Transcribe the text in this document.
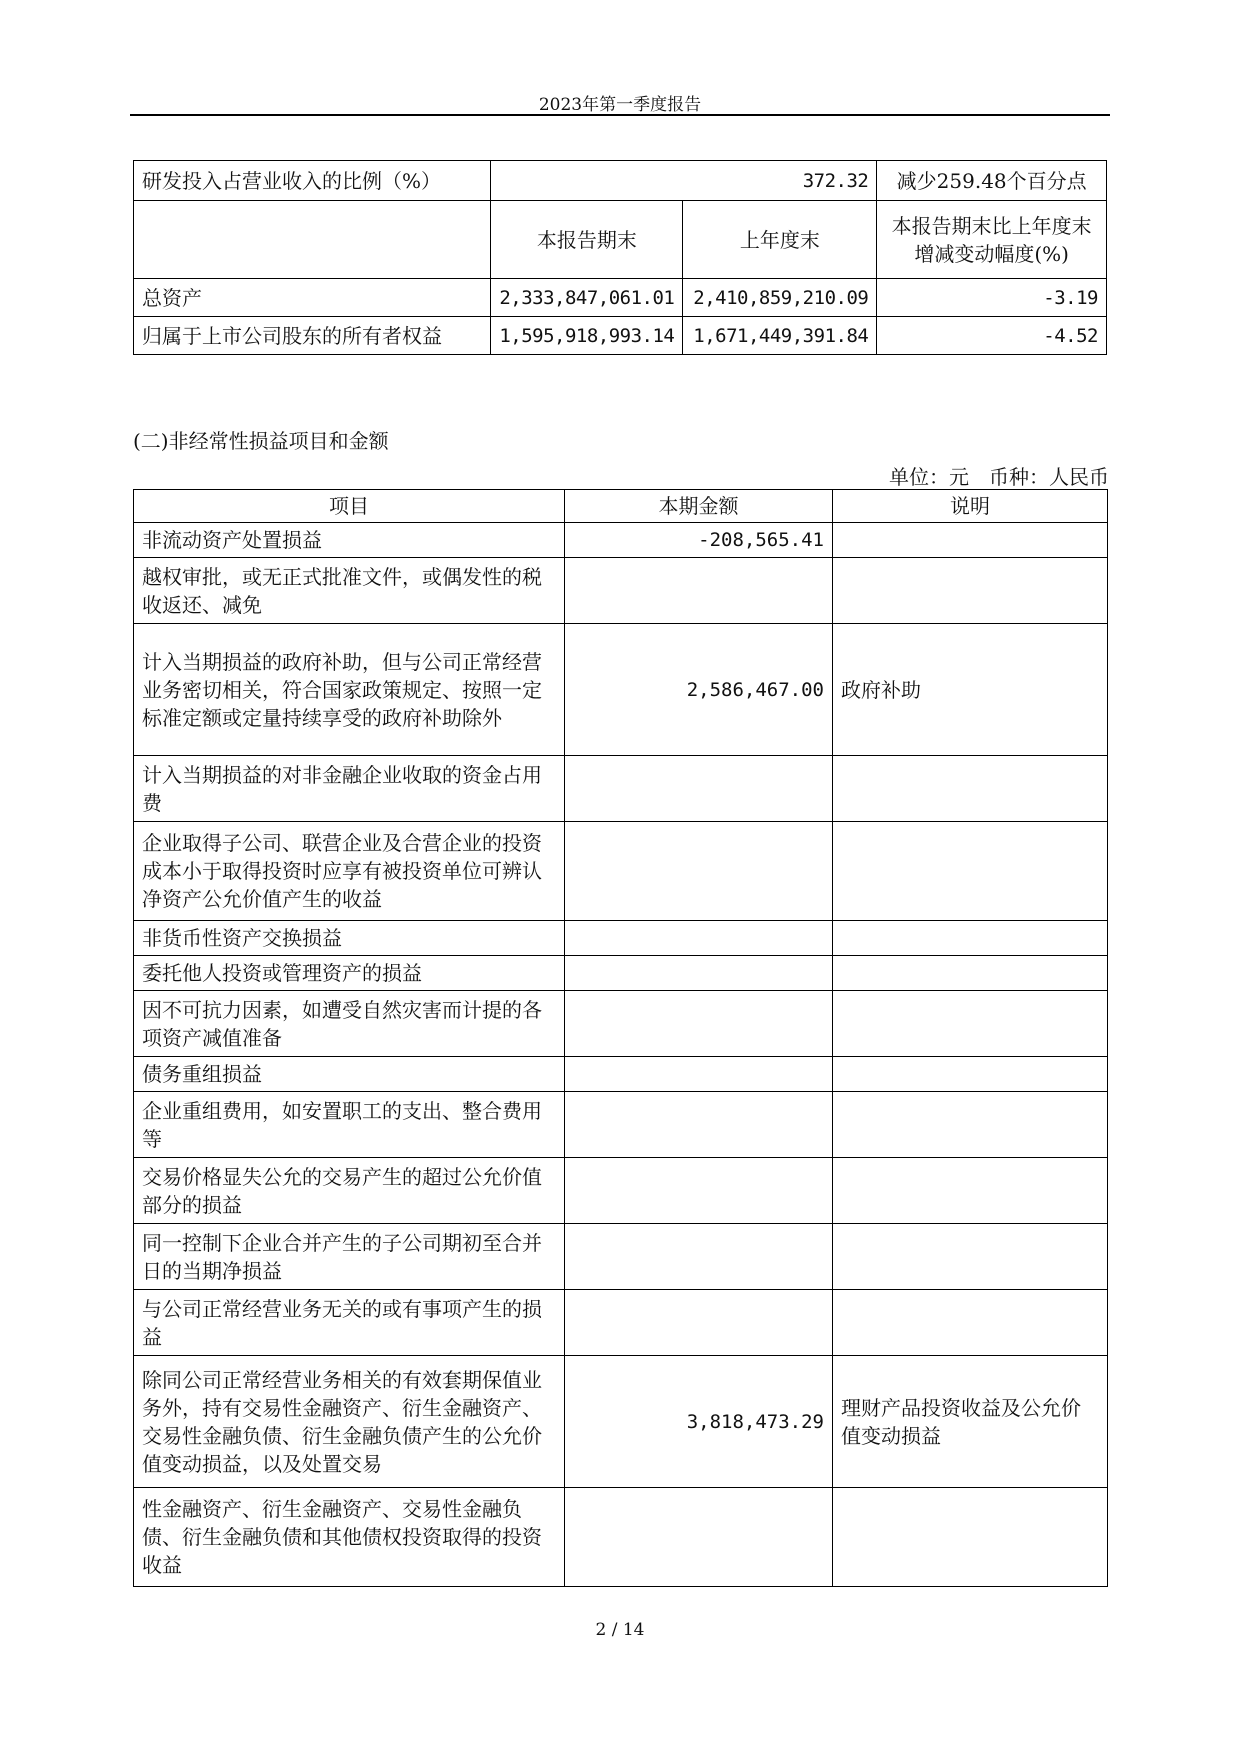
2023年第一季度报告
研发投入占营业收入的比例（%）	372.32		减少259.48个百分点
	本报告期末	上年度末	本报告期末比上年度末增减变动幅度(%)
总资产	2,333,847,061.01	2,410,859,210.09	-3.19
归属于上市公司股东的所有者权益	1,595,918,993.14	1,671,449,391.84	-4.52
(二)非经常性损益项目和金额
单位：元　币种：人民币
项目	本期金额	说明
非流动资产处置损益	-208,565.41	
越权审批，或无正式批准文件，或偶发性的税收返还、减免		
计入当期损益的政府补助，但与公司正常经营业务密切相关，符合国家政策规定、按照一定标准定额或定量持续享受的政府补助除外	2,586,467.00	政府补助
计入当期损益的对非金融企业收取的资金占用费		
企业取得子公司、联营企业及合营企业的投资成本小于取得投资时应享有被投资单位可辨认净资产公允价值产生的收益		
非货币性资产交换损益		
委托他人投资或管理资产的损益		
因不可抗力因素，如遭受自然灾害而计提的各项资产减值准备		
债务重组损益		
企业重组费用，如安置职工的支出、整合费用等		
交易价格显失公允的交易产生的超过公允价值部分的损益		
同一控制下企业合并产生的子公司期初至合并日的当期净损益		
与公司正常经营业务无关的或有事项产生的损益		
除同公司正常经营业务相关的有效套期保值业务外，持有交易性金融资产、衍生金融资产、交易性金融负债、衍生金融负债产生的公允价值变动损益，以及处置交易	3,818,473.29	理财产品投资收益及公允价值变动损益
性金融资产、衍生金融资产、交易性金融负债、衍生金融负债和其他债权投资取得的投资收益		
2 / 14
